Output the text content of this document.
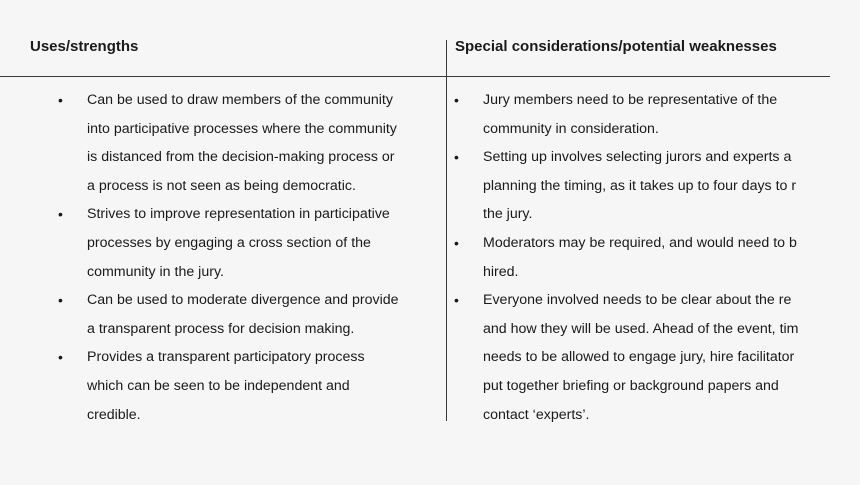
Uses/strengths	Special considerations/potential weaknesses
• Can be used to draw members of the community
into participative processes where the community
is distanced from the decision-making process or
a process is not seen as being democratic.
• Strives to improve representation in participative
processes by engaging a cross section of the
community in the jury.
• Can be used to moderate divergence and provide
a transparent process for decision making.
• Provides a transparent participatory process
which can be seen to be independent and
credible.
• Jury members need to be representative of the
community in consideration.
• Setting up involves selecting jurors and experts a
planning the timing, as it takes up to four days to r
the jury.
• Moderators may be required, and would need to b
hired.
• Everyone involved needs to be clear about the re
and how they will be used. Ahead of the event, tim
needs to be allowed to engage jury, hire facilitator
put together briefing or background papers and
contact ‘experts’.
